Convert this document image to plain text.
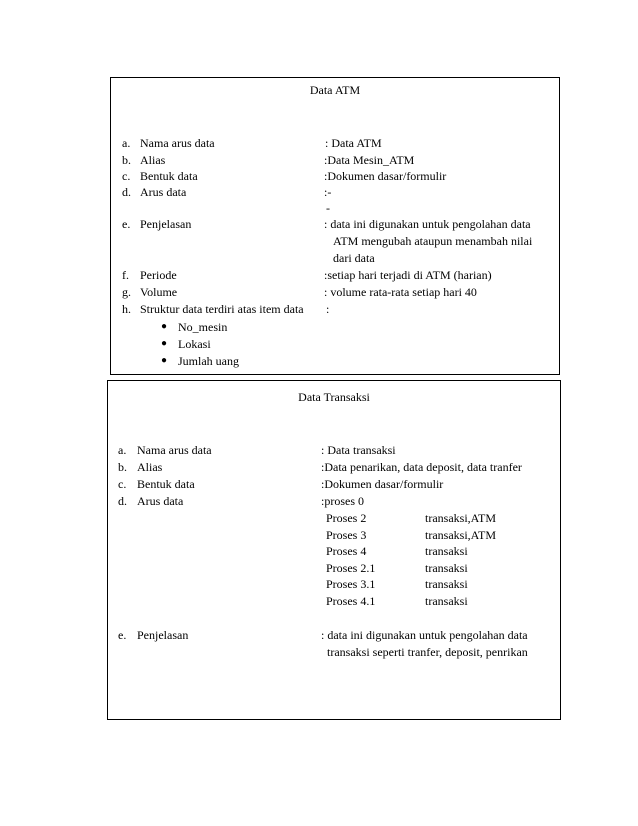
Data ATM
a. Nama arus data	: Data ATM
b. Alias	:Data Mesin_ATM
c. Bentuk data	:Dokumen dasar/formulir
d. Arus data	:-
-
e. Penjelasan	: data ini digunakan untuk pengolahan data
ATM mengubah ataupun menambah nilai
dari data
f. Periode	:setiap hari terjadi di ATM (harian)
g. Volume	: volume rata-rata setiap hari 40
h. Struktur data terdiri atas item data :
● No_mesin
● Lokasi
● Jumlah uang
Data Transaksi
a. Nama arus data	: Data transaksi
b. Alias	:Data penarikan, data deposit, data tranfer
c. Bentuk data	:Dokumen dasar/formulir
d. Arus data	:proses 0
Proses 2	transaksi,ATM
Proses 3	transaksi,ATM
Proses 4	transaksi
Proses 2.1	transaksi
Proses 3.1	transaksi
Proses 4.1	transaksi
e. Penjelasan	: data ini digunakan untuk pengolahan data
transaksi seperti tranfer, deposit, penrikan
